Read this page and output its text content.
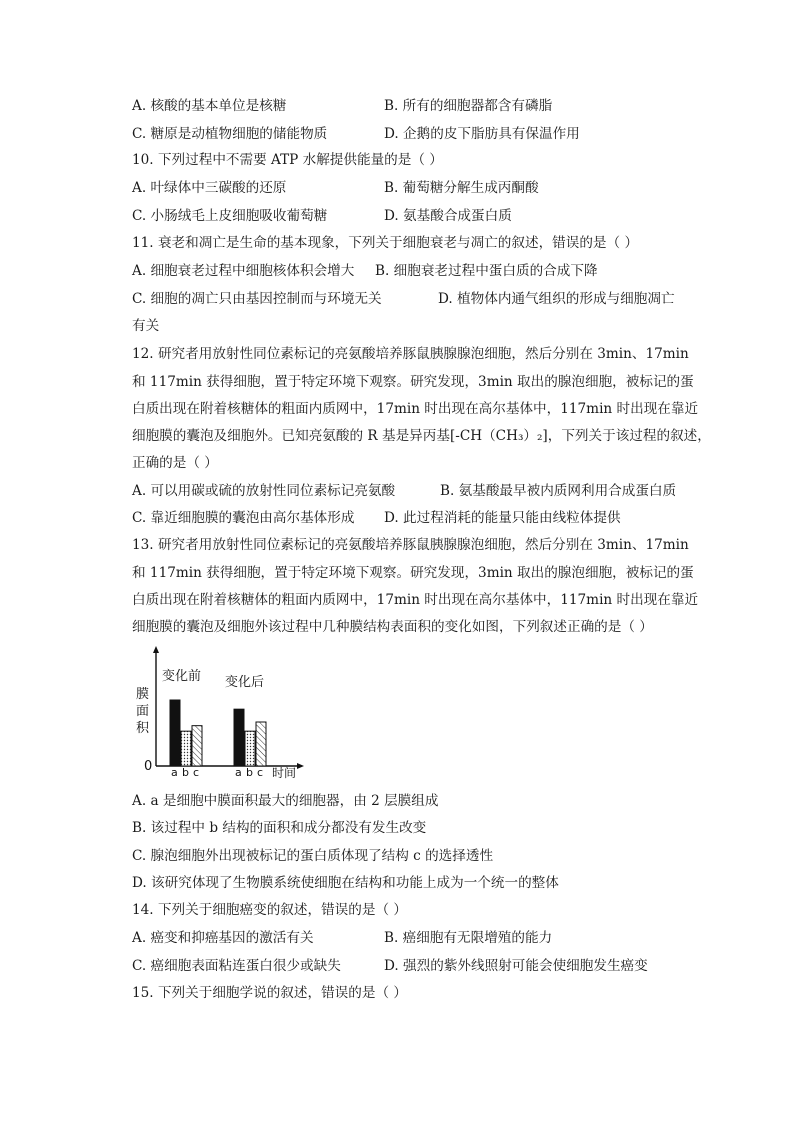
A. 核酸的基本单位是核糖	B. 所有的细胞器都含有磷脂
C. 糖原是动植物细胞的储能物质	D. 企鹅的皮下脂肪具有保温作用
10. 下列过程中不需要 ATP 水解提供能量的是（ ）
A. 叶绿体中三碳酸的还原	B. 葡萄糖分解生成丙酮酸
C. 小肠绒毛上皮细胞吸收葡萄糖	D. 氨基酸合成蛋白质
11. 衰老和凋亡是生命的基本现象，下列关于细胞衰老与凋亡的叙述，错误的是（ ）
A. 细胞衰老过程中细胞核体积会增大 B. 细胞衰老过程中蛋白质的合成下降
C. 细胞的凋亡只由基因控制而与环境无关	D. 植物体内通气组织的形成与细胞凋亡
有关
12. 研究者用放射性同位素标记的亮氨酸培养豚鼠胰腺腺泡细胞，然后分别在 3min、17min
和 117min 获得细胞，置于特定环境下观察。研究发现，3min 取出的腺泡细胞，被标记的蛋
白质出现在附着核糖体的粗面内质网中，17min 时出现在高尔基体中，117min 时出现在靠近
细胞膜的囊泡及细胞外。已知亮氨酸的 R 基是异丙基[-CH（CH₃）₂]，下列关于该过程的叙述，
正确的是（ ）
A. 可以用碳或硫的放射性同位素标记亮氨酸	B. 氨基酸最早被内质网利用合成蛋白质
C. 靠近细胞膜的囊泡由高尔基体形成 D. 此过程消耗的能量只能由线粒体提供
13. 研究者用放射性同位素标记的亮氨酸培养豚鼠胰腺腺泡细胞，然后分别在 3min、17min
和 117min 获得细胞，置于特定环境下观察。研究发现，3min 取出的腺泡细胞，被标记的蛋
白质出现在附着核糖体的粗面内质网中，17min 时出现在高尔基体中，117min 时出现在靠近
细胞膜的囊泡及细胞外该过程中几种膜结构表面积的变化如图，下列叙述正确的是（ ）
膜
面
积
0
变化前 变化后
时间
a b c	a b c
A. a 是细胞中膜面积最大的细胞器，由 2 层膜组成
B. 该过程中 b 结构的面积和成分都没有发生改变
C. 腺泡细胞外出现被标记的蛋白质体现了结构 c 的选择透性
D. 该研究体现了生物膜系统使细胞在结构和功能上成为一个统一的整体
14. 下列关于细胞癌变的叙述，错误的是（ ）
A. 癌变和抑癌基因的激活有关	B. 癌细胞有无限增殖的能力
C. 癌细胞表面粘连蛋白很少或缺失	D. 强烈的紫外线照射可能会使细胞发生癌变
15. 下列关于细胞学说的叙述，错误的是（ ）
